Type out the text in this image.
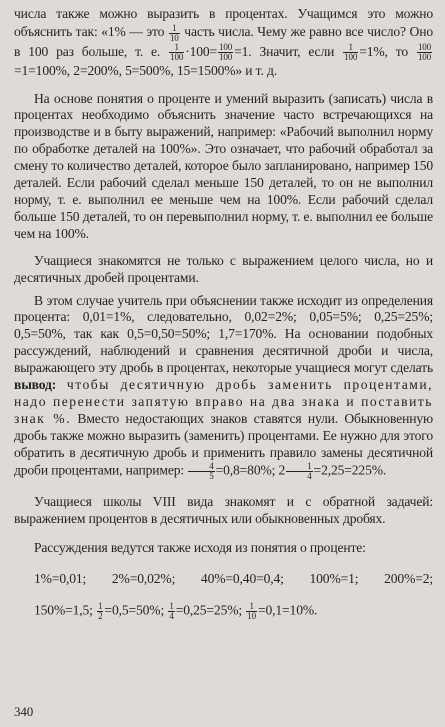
числа также можно выразить в процентах. Учащимся это можно объяснить так: «1% — это $\frac{1}{10}$ часть числа. Чему же равно все число? Оно в 100 раз больше, т. е. $\frac{1}{100} \cdot 100= \frac{100}{100} =1$. Значит, если $\frac{1}{100} =1\%$, то $\frac{100}{100}$
=1=100%, 2=200%, 5=500%, 15=1500%» и т. д.

На основе понятия о проценте и умений выразить (записать) числа в процентах необходимо объяснить значение часто встречающихся на производстве и в быту выражений, например: «Рабочий выполнил норму по обработке деталей на 100%». Это означает, что рабочий обработал за смену то количество деталей, которое было запланировано, например 150 деталей. Если рабочий сделал меньше 150 деталей, то он не выполнил норму, т. е. выполнил ее меньше чем на 100%. Если рабочий сделал больше 150 деталей, то он перевыполнил норму, т. е. выполнил ее больше чем на 100%.

Учащиеся знакомятся не только с выражением целого числа, но и десятичных дробей процентами.

В этом случае учитель при объяснении также исходит из определения процента: 0,01=1%, следовательно, 0,02=2%; 0,05=5%; 0,25=25%; 0,5=50%, так как 0,5=0,50=50%; 1,7=170%. На основании подобных рассуждений, наблюдений и сравнения десятичной дроби и числа, выражающего эту дробь в процентах, некоторые учащиеся могут сделать вывод: чтобы десятичную дробь заменить процентами, надо перенести запятую вправо на два знака и поставить знак %. Вместо недостающих знаков ставятся нули. Обыкновенную дробь также можно выразить (заменить) процентами. Ее нужно для этого обратить в десятичную дробь и применить правило замены десятичной дроби процентами, например: $\frac{4}{5} =0,8=80\%$; $2 \frac{1}{4} =2,25=225\%$.

Учащиеся школы VIII вида знакомят и с обратной задачей: выражением процентов в десятичных или обыкновенных дробях.

Рассуждения ведутся также исходя из понятия о проценте:

1%=0,01; 2%=0,02%; 40%=0,40=0,4; 100%=1; 200%=2;

150%=1,5; $\frac{1}{2} =0,5=50\%$; $\frac{1}{4} =0,25=25\%$; $\frac{1}{10} =0,1=10\%$.

340
